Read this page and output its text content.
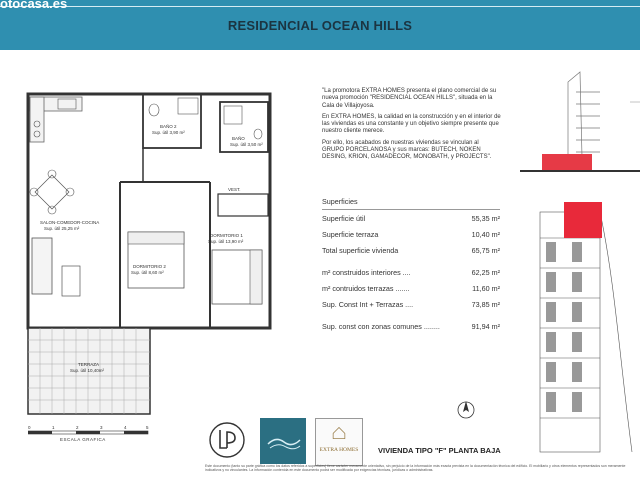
RESIDENCIAL OCEAN HILLS
otocasa.es
BAÑO 2
Sup. útil 3,90 m²
BAÑO
Sup. útil 3,50 m²
VEST.
SALON-COMEDOR-COCINA
Sup. útil 25,25 m²
DORMITORIO 1
Sup. útil 13,90 m²
DORMITORIO 2
Sup. útil 8,60 m²
TERRAZA
Sup. útil 10,40m²
0	1	2	3	4	5
ESCALA GRAFICA

"La promotora EXTRA HOMES presenta el plano comercial de su nueva promoción "RESIDENCIAL OCEAN HILLS", situada en la Cala de Villajoyosa.

En EXTRA HOMES, la calidad en la construcción y en el interior de las viviendas es una constante y un objetivo siempre presente que nuestro cliente merece.

Por ello, los acabados de nuestras viviendas se vinculan al GRUPO PORCELANOSA y sus marcas: BUTECH, NOKEN DESING, KRION, GAMADECOR, MONOBATH, y PROJECTS".

Superficies
Superficie útil	55,35 m²
Superficie terraza	10,40 m²
Total superficie vivienda	65,75 m²
m² construidos interiores ....	62,25 m²
m² contruidos terrazas .......	11,60 m²
Sup. Const Int + Terrazas ....	73,85 m²
Sup. const con zonas comunes ........	91,94 m²
EXTRA HOMES	VIVIENDA TIPO "F" PLANTA BAJA
Este documento (tanto su parte gráfica como los datos referidos a superficies) tiene carácter meramente orientativo, sin perjuicio de la información más exacta prevista en la documentación técnica del edificio. El mobiliario y otros elementos representados son meramente indicativos y no vinculantes. La información contenida en este documento podrá ser modificada por exigencias técnicas, jurídicas o administrativas.
